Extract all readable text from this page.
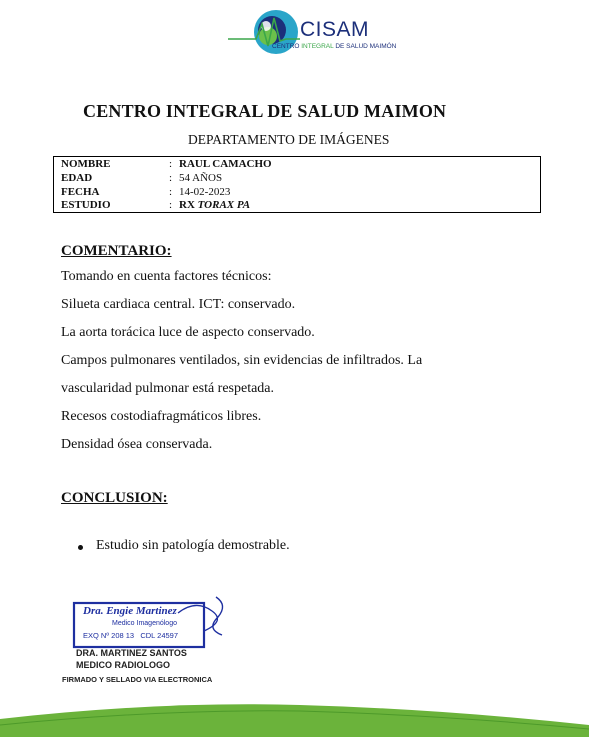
CISAM
CENTRO INTEGRAL DE SALUD MAIMÓN
CENTRO INTEGRAL DE SALUD MAIMON
DEPARTAMENTO DE IMÁGENES
NOMBRE	: RAUL CAMACHO
EDAD	: 54 AÑOS
FECHA	: 14-02-2023
ESTUDIO	: RX TORAX PA
COMENTARIO:
Tomando en cuenta factores técnicos:
Silueta cardiaca central. ICT: conservado.
La aorta torácica luce de aspecto conservado.
Campos pulmonares ventilados, sin evidencias de infiltrados. La
vascularidad pulmonar está respetada.
Recesos costodiafragmáticos libres.
Densidad ósea conservada.
CONCLUSION:
Estudio sin patología demostrable.
Dra. Engie Martinez
Medico Imagenólogo
EXQ Nº 208 13   CDL 24597
DRA. MARTINEZ SANTOS
MEDICO RADIOLOGO
FIRMADO Y SELLADO VIA ELECTRONICA
